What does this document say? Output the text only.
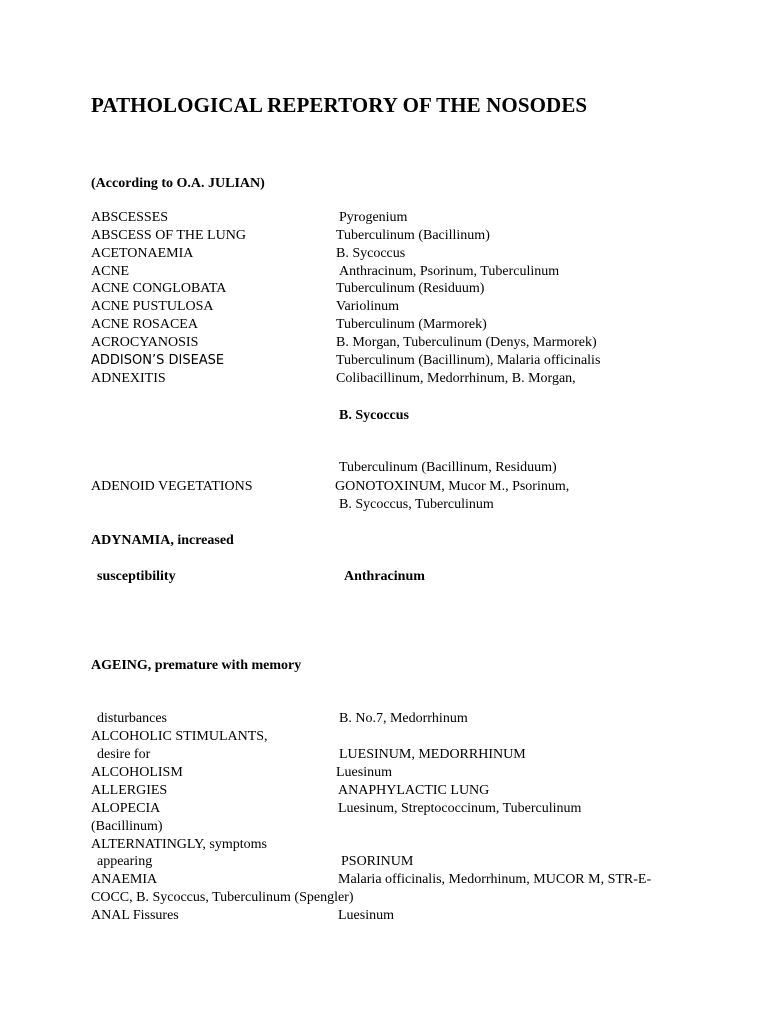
PATHOLOGICAL REPERTORY OF THE NOSODES
(According to O.A. JULIAN)
ABSCESSES	Pyrogenium
ABSCESS OF THE LUNG	Tuberculinum (Bacillinum)
ACETONAEMIA	B. Sycoccus
ACNE	Anthracinum, Psorinum, Tuberculinum
ACNE CONGLOBATA	Tuberculinum (Residuum)
ACNE PUSTULOSA	Variolinum
ACNE ROSACEA	Tuberculinum (Marmorek)
ACROCYANOSIS	B. Morgan, Tuberculinum (Denys, Marmorek)
ADDISON’S DISEASE	Tuberculinum (Bacillinum), Malaria officinalis
ADNEXITIS	Colibacillinum, Medorrhinum, B. Morgan,
B. Sycoccus
Tuberculinum (Bacillinum, Residuum)
ADENOID VEGETATIONS	GONOTOXINUM, Mucor M., Psorinum,
B. Sycoccus, Tuberculinum
ADYNAMIA, increased
susceptibility	Anthracinum
AGEING, premature with memory
disturbances	B. No.7, Medorrhinum
ALCOHOLIC STIMULANTS,
desire for	LUESINUM, MEDORRHINUM
ALCOHOLISM	Luesinum
ALLERGIES	ANAPHYLACTIC LUNG
ALOPECIA	Luesinum, Streptococcinum, Tuberculinum
(Bacillinum)
ALTERNATINGLY, symptoms
appearing	PSORINUM
ANAEMIA	Malaria officinalis, Medorrhinum, MUCOR M, STR-E-
COCC, B. Sycoccus, Tuberculinum (Spengler)
ANAL Fissures	Luesinum
